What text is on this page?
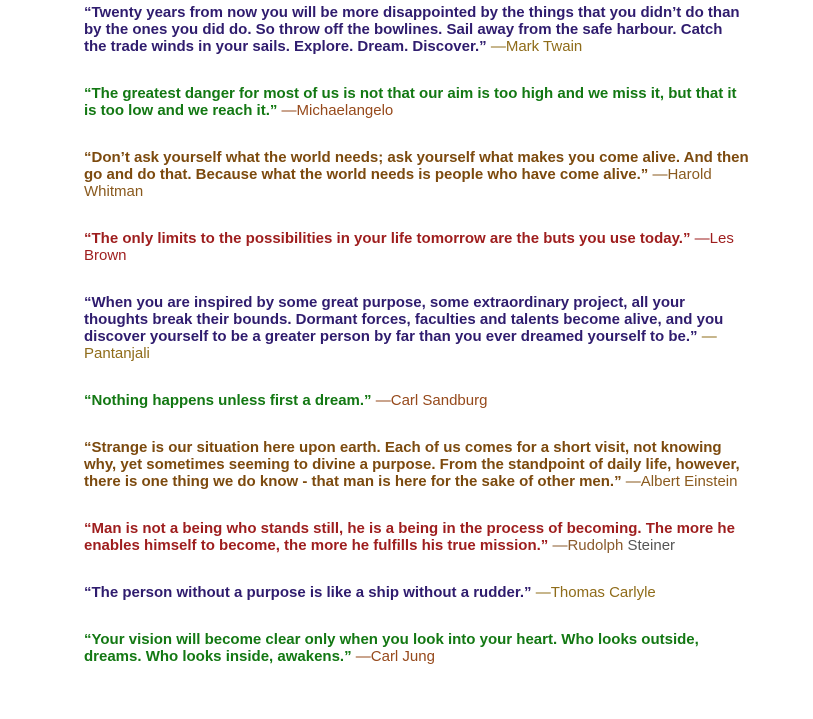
“Twenty years from now you will be more disappointed by the things that you didn’t do than by the ones you did do. So throw off the bowlines. Sail away from the safe harbour. Catch the trade winds in your sails. Explore. Dream. Discover.” —Mark Twain

“The greatest danger for most of us is not that our aim is too high and we miss it, but that it is too low and we reach it.” —Michaelangelo

“Don’t ask yourself what the world needs; ask yourself what makes you come alive. And then go and do that. Because what the world needs is people who have come alive.” —Harold Whitman

“The only limits to the possibilities in your life tomorrow are the buts you use today.” —Les Brown

“When you are inspired by some great purpose, some extraordinary project, all your thoughts break their bounds. Dormant forces, faculties and talents become alive, and you discover yourself to be a greater person by far than you ever dreamed yourself to be.” —Pantanjali

“Nothing happens unless first a dream.” —Carl Sandburg

“Strange is our situation here upon earth. Each of us comes for a short visit, not knowing why, yet sometimes seeming to divine a purpose. From the standpoint of daily life, however, there is one thing we do know - that man is here for the sake of other men.” —Albert Einstein

“Man is not a being who stands still, he is a being in the process of becoming. The more he enables himself to become, the more he fulfills his true mission.” —Rudolph Steiner

“The person without a purpose is like a ship without a rudder.” —Thomas Carlyle

“Your vision will become clear only when you look into your heart. Who looks outside, dreams. Who looks inside, awakens.” —Carl Jung
